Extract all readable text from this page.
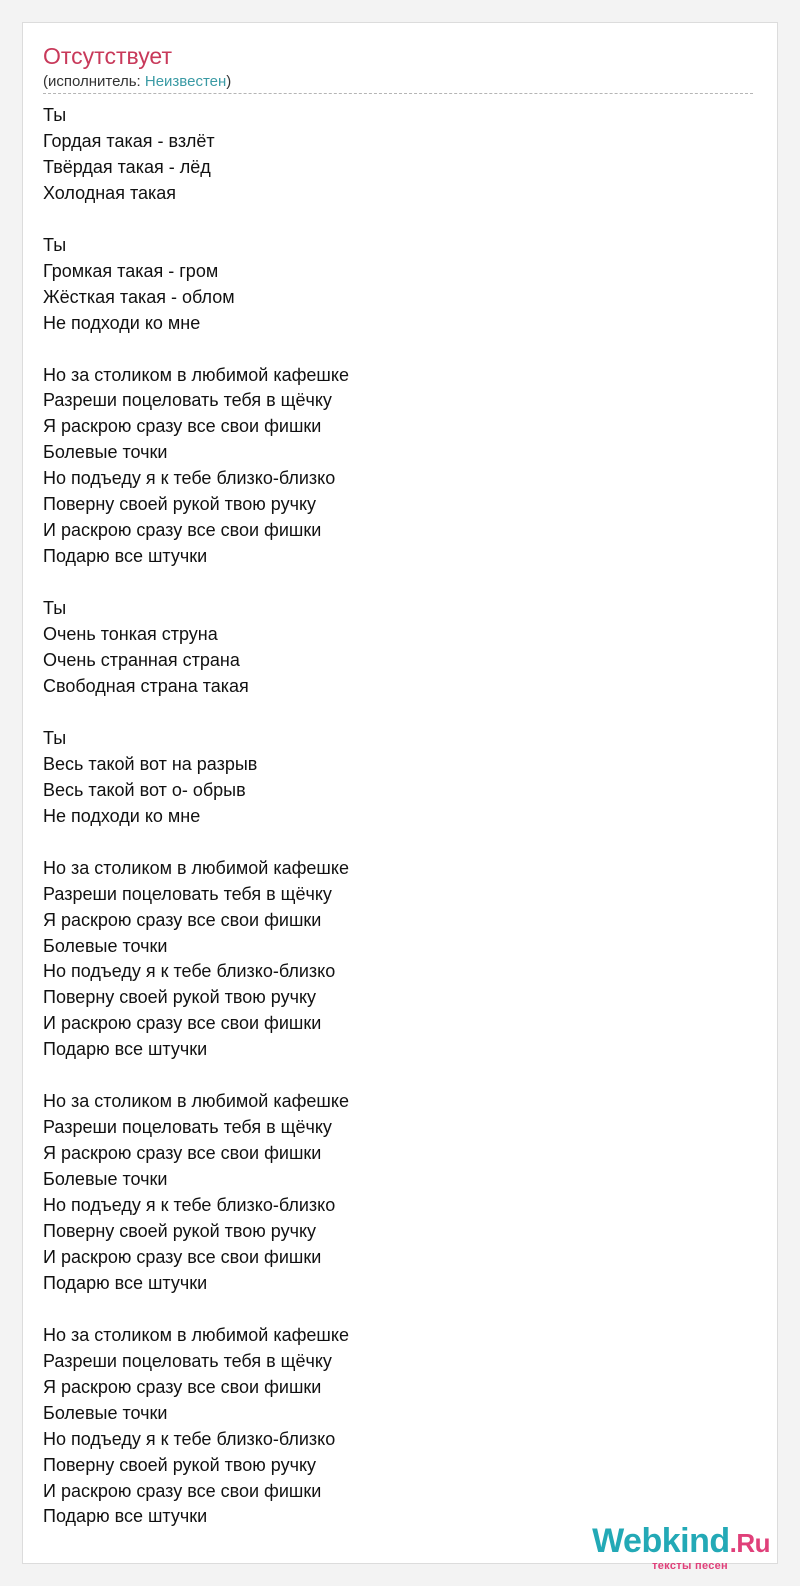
Отсутствует
(исполнитель: Неизвестен)
Ты
Гордая такая - взлёт
Твёрдая такая - лёд
Холодная такая

Ты
Громкая такая - гром
Жёсткая такая - облом
Не подходи ко мне

Но за столиком в любимой кафешке
Разреши поцеловать тебя в щёчку
Я раскрою сразу все свои фишки
Болевые точки
Но подъеду я к тебе близко-близко
Поверну своей рукой твою ручку
И раскрою сразу все свои фишки
Подарю все штучки

Ты
Очень тонкая струна
Очень странная страна
Свободная страна такая

Ты
Весь такой вот на разрыв
Весь такой вот о- обрыв
Не подходи ко мне

Но за столиком в любимой кафешке
Разреши поцеловать тебя в щёчку
Я раскрою сразу все свои фишки
Болевые точки
Но подъеду я к тебе близко-близко
Поверну своей рукой твою ручку
И раскрою сразу все свои фишки
Подарю все штучки

Но за столиком в любимой кафешке
Разреши поцеловать тебя в щёчку
Я раскрою сразу все свои фишки
Болевые точки
Но подъеду я к тебе близко-близко
Поверну своей рукой твою ручку
И раскрою сразу все свои фишки
Подарю все штучки

Но за столиком в любимой кафешке
Разреши поцеловать тебя в щёчку
Я раскрою сразу все свои фишки
Болевые точки
Но подъеду я к тебе близко-близко
Поверну своей рукой твою ручку
И раскрою сразу все свои фишки
Подарю все штучки
Webkind.Ru
тексты песен
